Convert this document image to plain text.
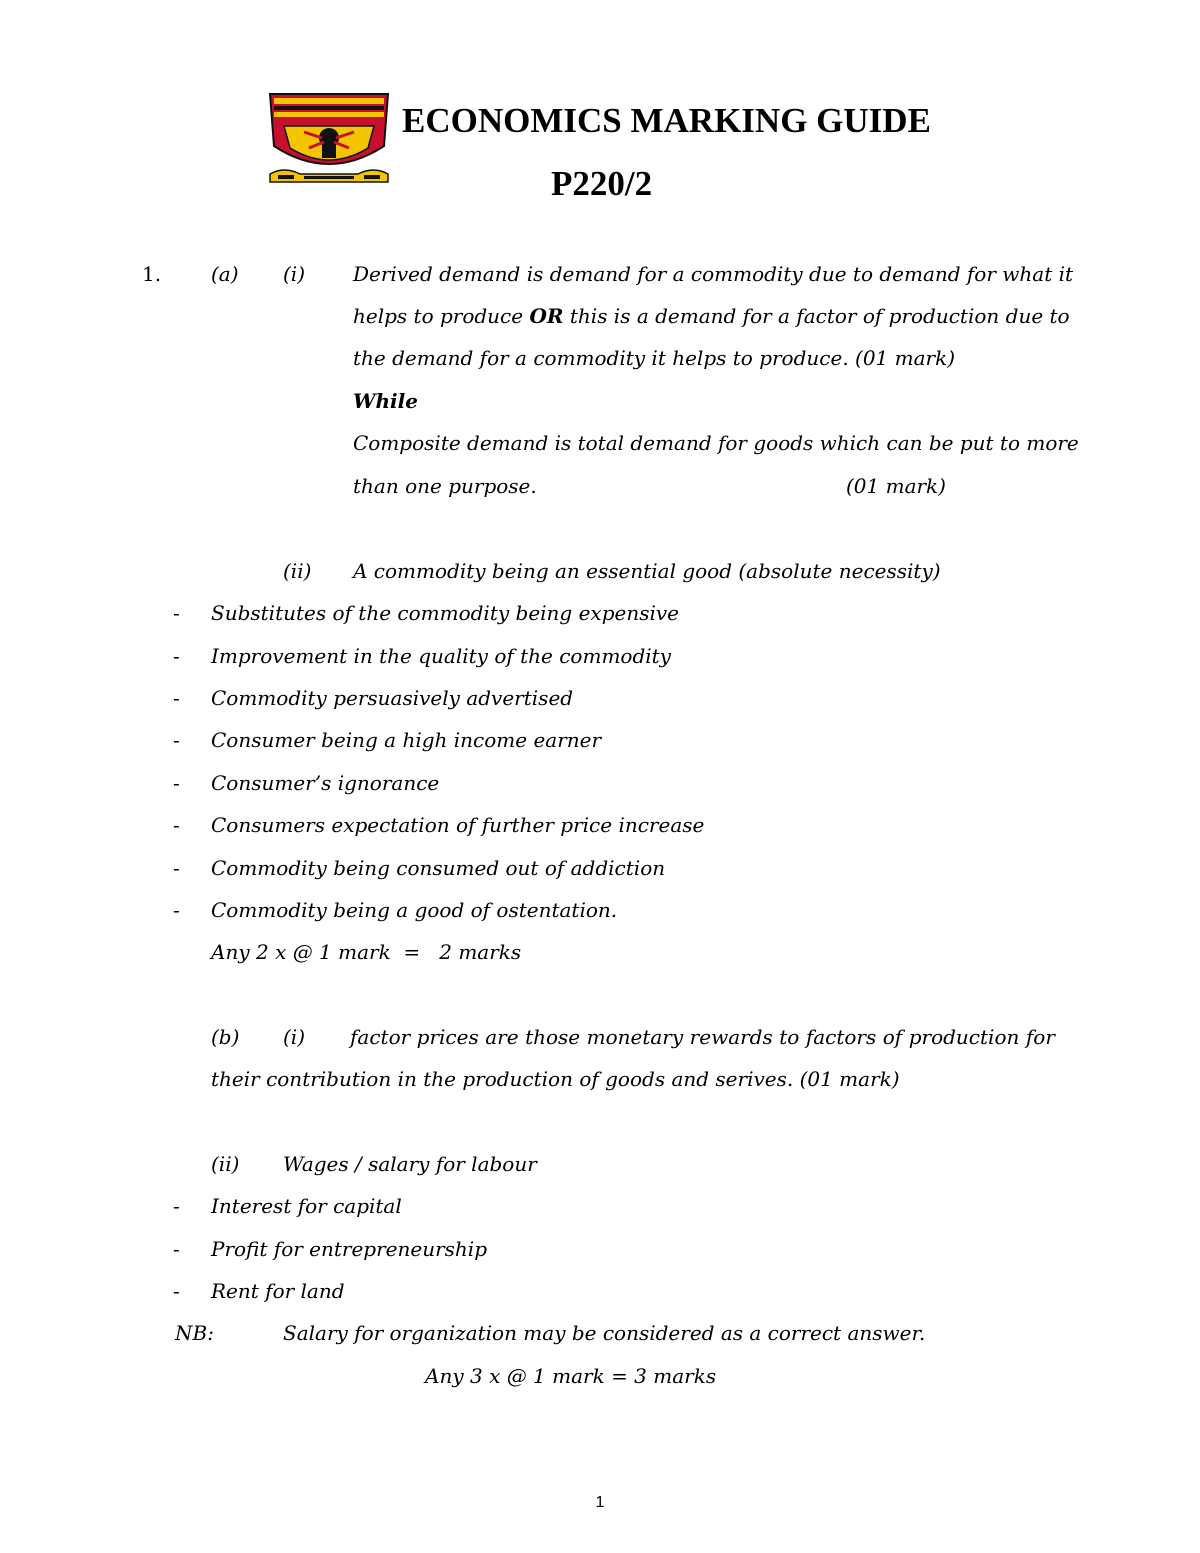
ECONOMICS MARKING GUIDE
P220/2
1. (a) (i) Derived demand is demand for a commodity due to demand for what it
helps to produce OR this is a demand for a factor of production due to
the demand for a commodity it helps to produce. (01 mark)
While
Composite demand is total demand for goods which can be put to more
than one purpose.	(01 mark)
(ii) A commodity being an essential good (absolute necessity)
- Substitutes of the commodity being expensive
- Improvement in the quality of the commodity
- Commodity persuasively advertised
- Consumer being a high income earner
- Consumer’s ignorance
- Consumers expectation of further price increase
- Commodity being consumed out of addiction
- Commodity being a good of ostentation.
Any 2 x @ 1 mark  =   2 marks
(b) (i) factor prices are those monetary rewards to factors of production for
their contribution in the production of goods and serives. (01 mark)
(ii) Wages / salary for labour
- Interest for capital
- Profit for entrepreneurship
- Rent for land
NB:	Salary for organization may be considered as a correct answer.
Any 3 x @ 1 mark = 3 marks
1
